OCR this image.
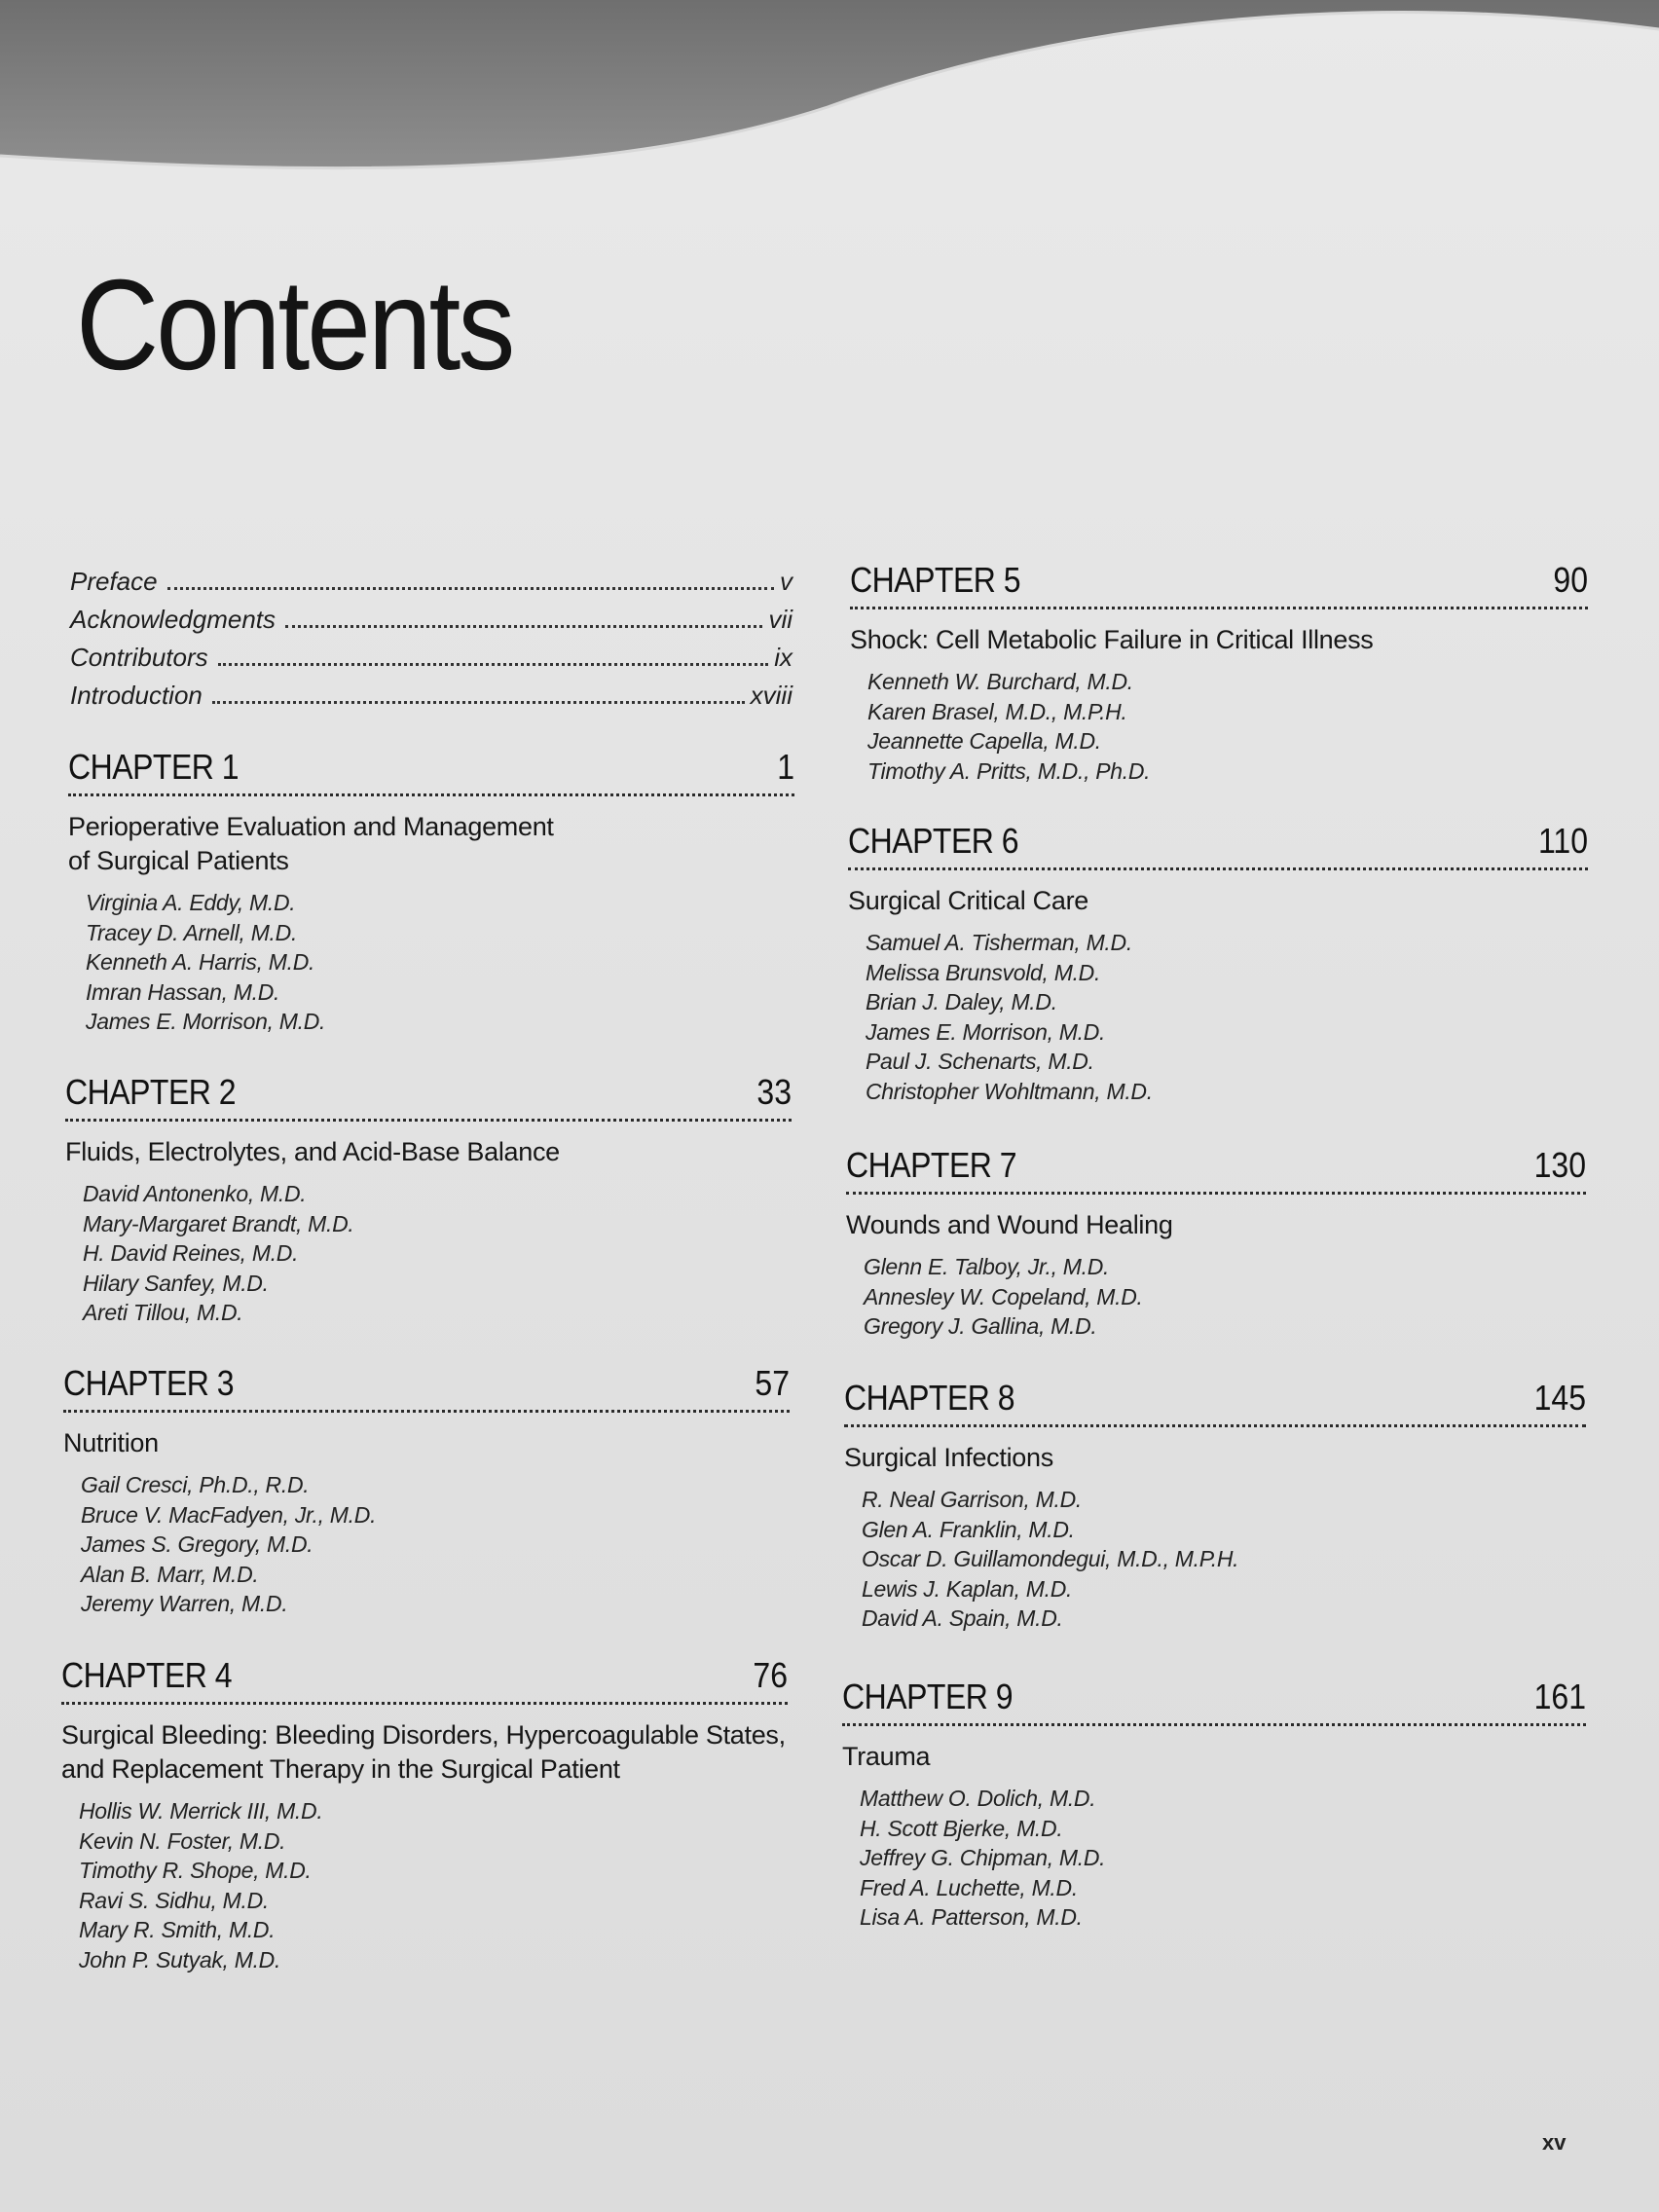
Contents
Preface	v
Acknowledgments	vii
Contributors	ix
Introduction	xviii
CHAPTER 1	1
Perioperative Evaluation and Management
of Surgical Patients
Virginia A. Eddy, M.D.
Tracey D. Arnell, M.D.
Kenneth A. Harris, M.D.
Imran Hassan, M.D.
James E. Morrison, M.D.
CHAPTER 2	33
Fluids, Electrolytes, and Acid-Base Balance
David Antonenko, M.D.
Mary-Margaret Brandt, M.D.
H. David Reines, M.D.
Hilary Sanfey, M.D.
Areti Tillou, M.D.
CHAPTER 3	57
Nutrition
Gail Cresci, Ph.D., R.D.
Bruce V. MacFadyen, Jr., M.D.
James S. Gregory, M.D.
Alan B. Marr, M.D.
Jeremy Warren, M.D.
CHAPTER 4	76
Surgical Bleeding: Bleeding Disorders, Hypercoagulable States,
and Replacement Therapy in the Surgical Patient
Hollis W. Merrick III, M.D.
Kevin N. Foster, M.D.
Timothy R. Shope, M.D.
Ravi S. Sidhu, M.D.
Mary R. Smith, M.D.
John P. Sutyak, M.D.
CHAPTER 5	90
Shock: Cell Metabolic Failure in Critical Illness
Kenneth W. Burchard, M.D.
Karen Brasel, M.D., M.P.H.
Jeannette Capella, M.D.
Timothy A. Pritts, M.D., Ph.D.
CHAPTER 6	110
Surgical Critical Care
Samuel A. Tisherman, M.D.
Melissa Brunsvold, M.D.
Brian J. Daley, M.D.
James E. Morrison, M.D.
Paul J. Schenarts, M.D.
Christopher Wohltmann, M.D.
CHAPTER 7	130
Wounds and Wound Healing
Glenn E. Talboy, Jr., M.D.
Annesley W. Copeland, M.D.
Gregory J. Gallina, M.D.
CHAPTER 8	145
Surgical Infections
R. Neal Garrison, M.D.
Glen A. Franklin, M.D.
Oscar D. Guillamondegui, M.D., M.P.H.
Lewis J. Kaplan, M.D.
David A. Spain, M.D.
CHAPTER 9	161
Trauma
Matthew O. Dolich, M.D.
H. Scott Bjerke, M.D.
Jeffrey G. Chipman, M.D.
Fred A. Luchette, M.D.
Lisa A. Patterson, M.D.
xv
